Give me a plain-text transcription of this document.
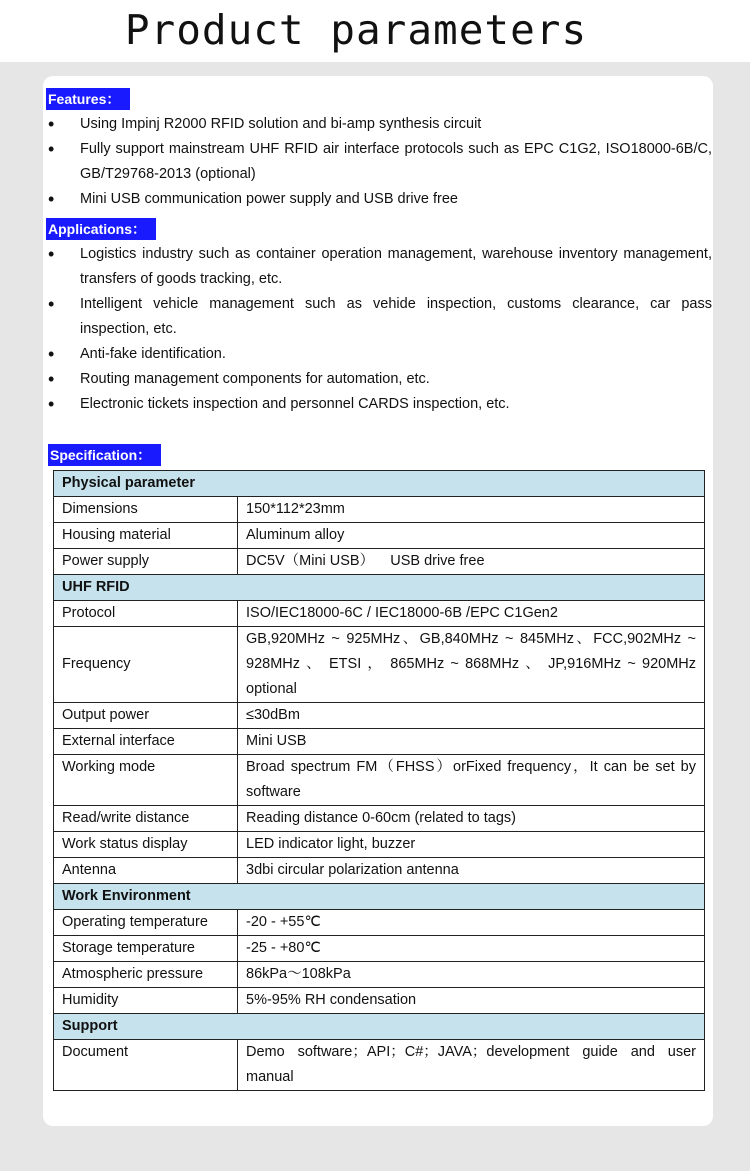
Product parameters
Features：
• Using Impinj R2000 RFID solution and bi-amp synthesis circuit
• Fully support mainstream UHF RFID air interface protocols such as EPC C1G2, ISO18000-6B/C, GB/T29768-2013 (optional)
• Mini USB communication power supply and USB drive free
Applications：
• Logistics industry such as container operation management, warehouse inventory management, transfers of goods tracking, etc.
• Intelligent vehicle management such as vehide inspection, customs clearance, car pass inspection, etc.
• Anti-fake identification.
• Routing management components for automation, etc.
• Electronic tickets inspection and personnel CARDS inspection, etc.
Specification：
Physical parameter	
Dimensions	150*112*23mm
Housing material	Aluminum alloy
Power supply	DC5V（Mini USB）    USB drive free
UHF RFID	
Protocol	ISO/IEC18000-6C / IEC18000-6B /EPC C1Gen2
Frequency	GB,920MHz ~ 925MHz、GB,840MHz ~ 845MHz、FCC,902MHz ~ 928MHz 、 ETSI ， 865MHz ~ 868MHz 、 JP,916MHz ~ 920MHz optional
Output power	≤30dBm
External interface	Mini USB
Working mode	Broad spectrum FM（FHSS）orFixed frequency，It can be set by software
Read/write distance	Reading distance 0-60cm (related to tags)
Work status display	LED indicator light, buzzer
Antenna	3dbi circular polarization antenna
Work Environment	
Operating temperature	-20 - +55℃
Storage temperature	-25 - +80℃
Atmospheric pressure	86kPa～108kPa
Humidity	5%-95% RH condensation
Support	
Document	Demo software；API；C#；JAVA；development guide and user manual
